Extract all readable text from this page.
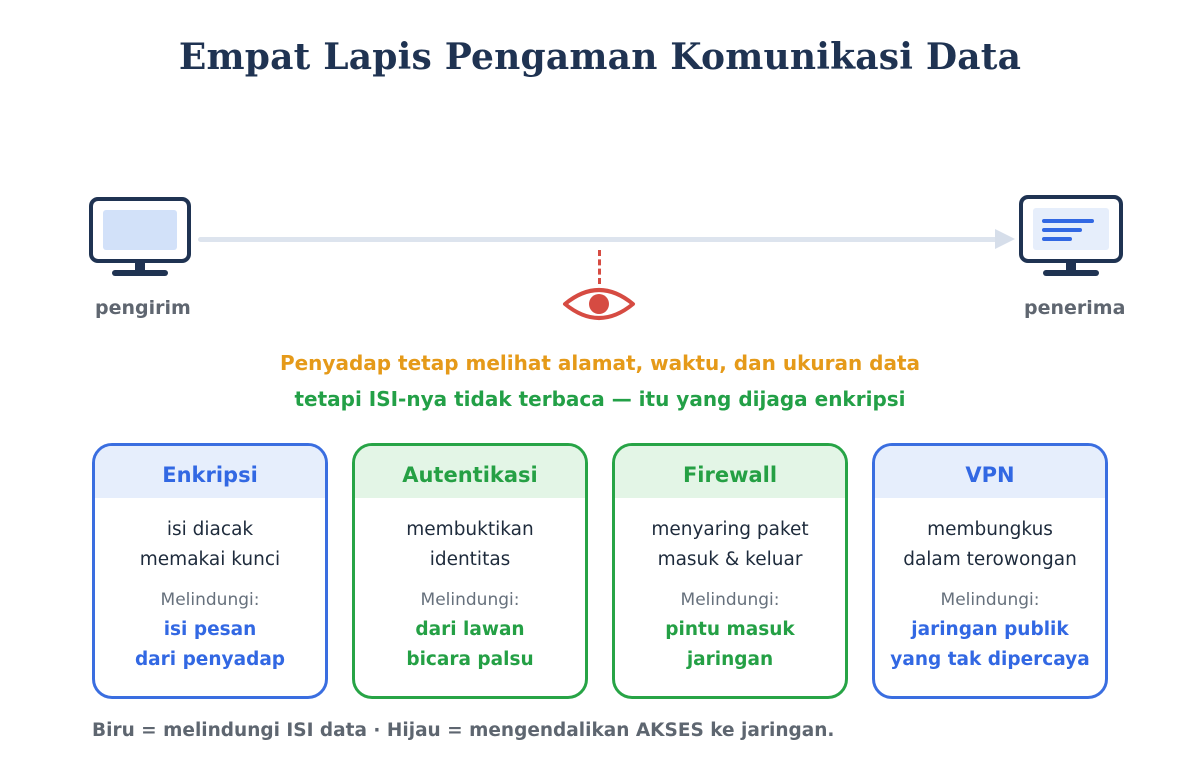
Empat Lapis Pengaman Komunikasi Data
pengirim	penerima
Penyadap tetap melihat alamat, waktu, dan ukuran data
tetapi ISI-nya tidak terbaca — itu yang dijaga enkripsi
Enkripsi
isi diacak
memakai kunci
Melindungi:
isi pesan
dari penyadap
Autentikasi
membuktikan
identitas
Melindungi:
dari lawan
bicara palsu
Firewall
menyaring paket
masuk & keluar
Melindungi:
pintu masuk
jaringan
VPN
membungkus
dalam terowongan
Melindungi:
jaringan publik
yang tak dipercaya
Biru = melindungi ISI data · Hijau = mengendalikan AKSES ke jaringan.
